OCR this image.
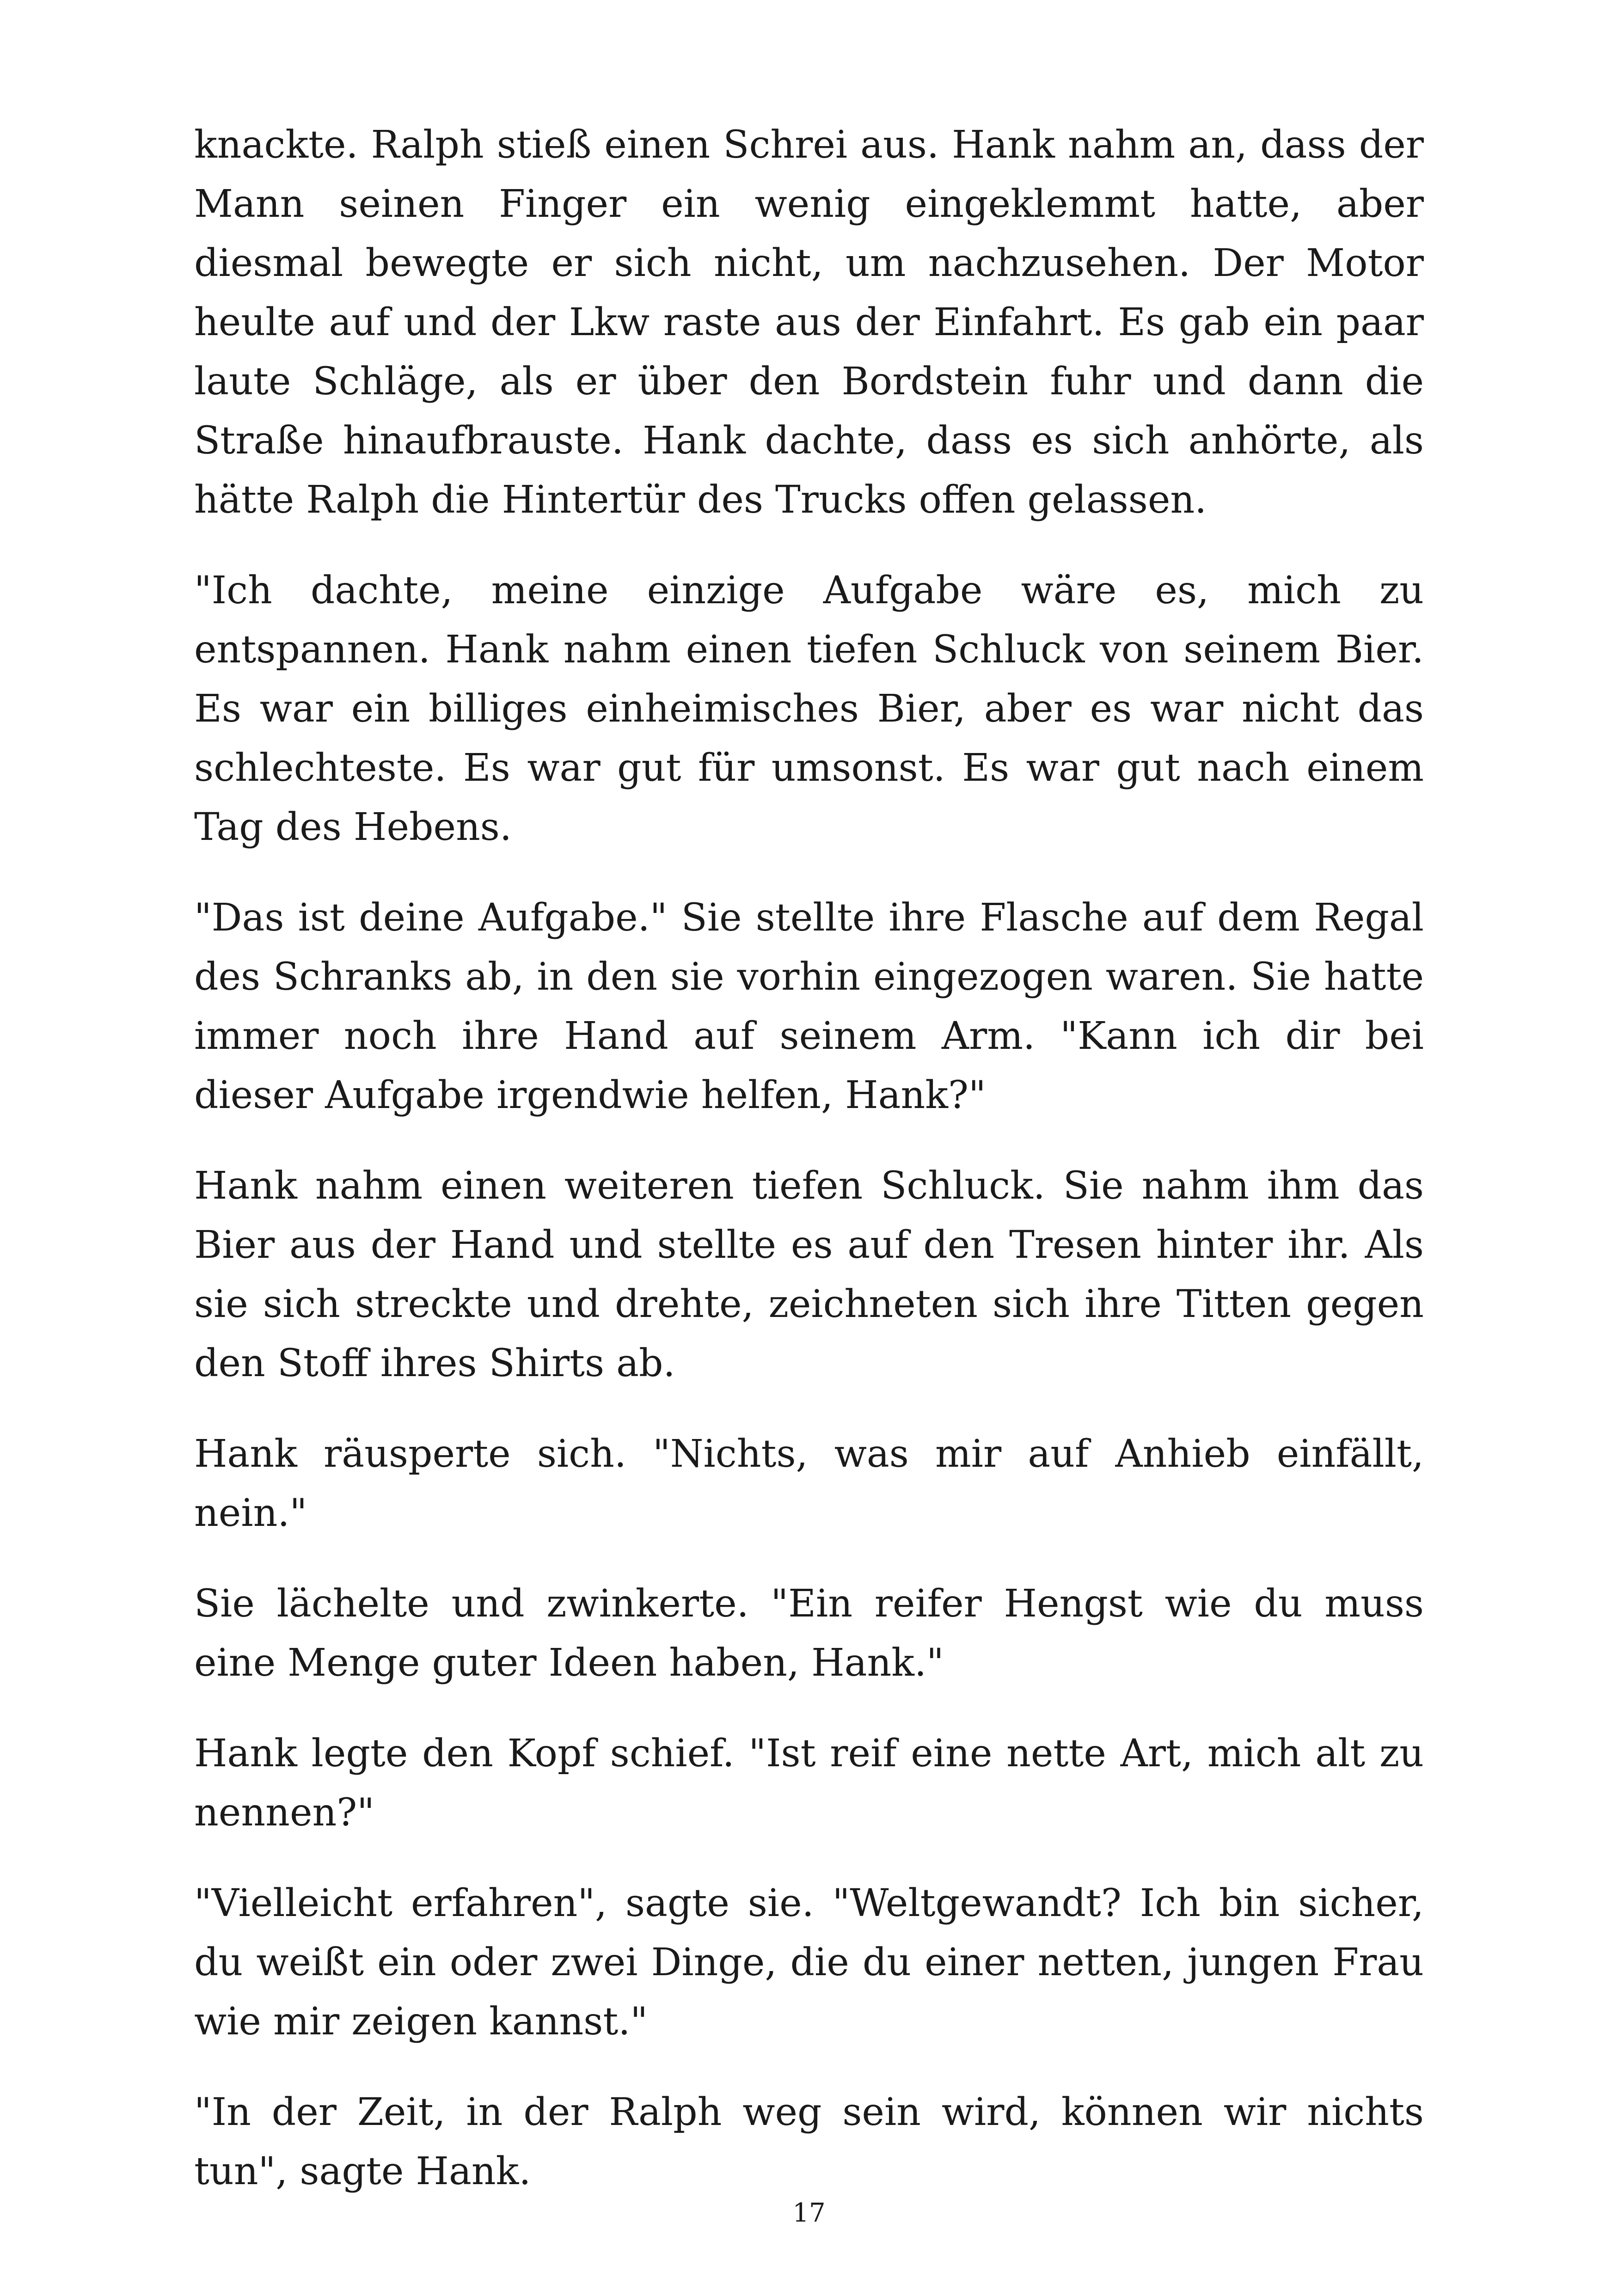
knackte. Ralph stieß einen Schrei aus. Hank nahm an, dass der Mann seinen Finger ein wenig eingeklemmt hatte, aber diesmal bewegte er sich nicht, um nachzusehen. Der Motor heulte auf und der Lkw raste aus der Einfahrt. Es gab ein paar laute Schläge, als er über den Bordstein fuhr und dann die Straße hinaufbrauste. Hank dachte, dass es sich anhörte, als hätte Ralph die Hintertür des Trucks offen gelassen.

"Ich dachte, meine einzige Aufgabe wäre es, mich zu entspannen. Hank nahm einen tiefen Schluck von seinem Bier. Es war ein billiges einheimisches Bier, aber es war nicht das schlechteste. Es war gut für umsonst. Es war gut nach einem Tag des Hebens.

"Das ist deine Aufgabe." Sie stellte ihre Flasche auf dem Regal des Schranks ab, in den sie vorhin eingezogen waren. Sie hatte immer noch ihre Hand auf seinem Arm. "Kann ich dir bei dieser Aufgabe irgendwie helfen, Hank?"

Hank nahm einen weiteren tiefen Schluck. Sie nahm ihm das Bier aus der Hand und stellte es auf den Tresen hinter ihr. Als sie sich streckte und drehte, zeichneten sich ihre Titten gegen den Stoff ihres Shirts ab.

Hank räusperte sich. "Nichts, was mir auf Anhieb einfällt, nein."

Sie lächelte und zwinkerte. "Ein reifer Hengst wie du muss eine Menge guter Ideen haben, Hank."

Hank legte den Kopf schief. "Ist reif eine nette Art, mich alt zu nennen?"

"Vielleicht erfahren", sagte sie. "Weltgewandt? Ich bin sicher, du weißt ein oder zwei Dinge, die du einer netten, jungen Frau wie mir zeigen kannst."

"In der Zeit, in der Ralph weg sein wird, können wir nichts tun", sagte Hank.

17
